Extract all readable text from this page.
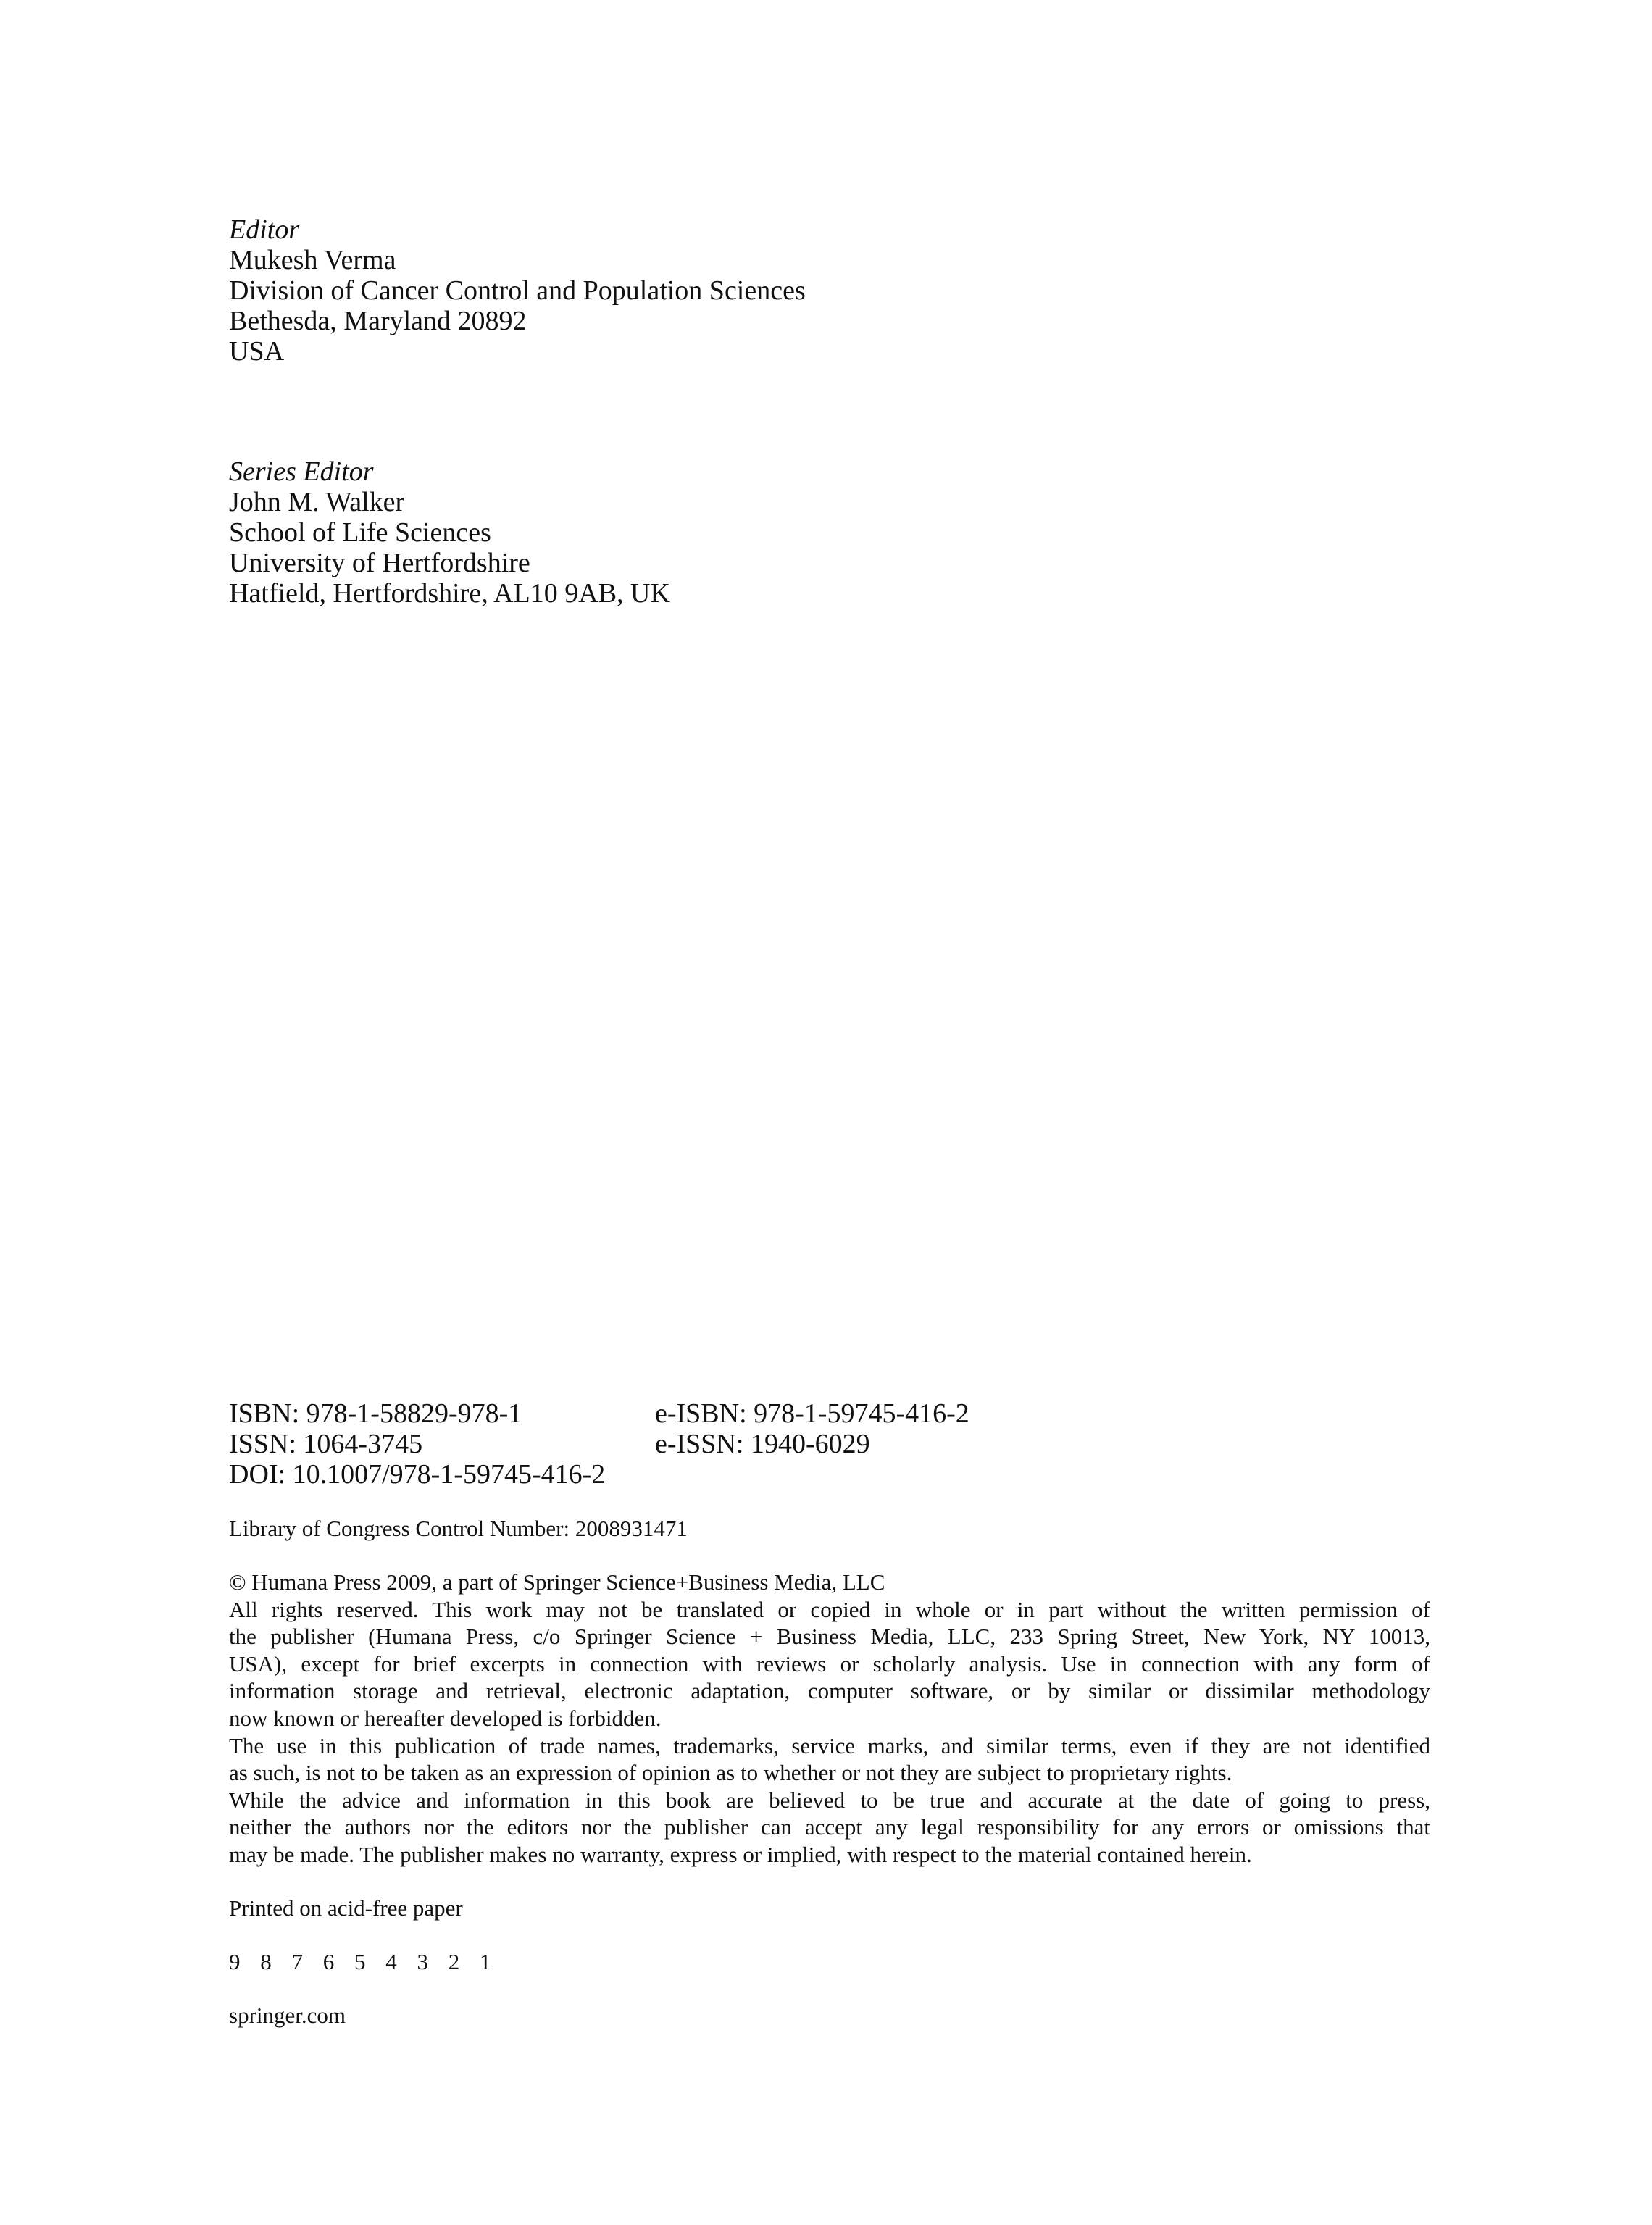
Editor
Mukesh Verma
Division of Cancer Control and Population Sciences
Bethesda, Maryland 20892
USA
Series Editor
John M. Walker
School of Life Sciences
University of Hertfordshire
Hatfield, Hertfordshire, AL10 9AB, UK
ISBN: 978-1-58829-978-1	e-ISBN: 978-1-59745-416-2
ISSN: 1064-3745	e-ISSN: 1940-6029
DOI: 10.1007/978-1-59745-416-2
Library of Congress Control Number: 2008931471
© Humana Press 2009, a part of Springer Science+Business Media, LLC
All rights reserved. This work may not be translated or copied in whole or in part without the written permission of
the publisher (Humana Press, c/o Springer Science + Business Media, LLC, 233 Spring Street, New York, NY 10013,
USA), except for brief excerpts in connection with reviews or scholarly analysis. Use in connection with any form of
information storage and retrieval, electronic adaptation, computer software, or by similar or dissimilar methodology
now known or hereafter developed is forbidden.
The use in this publication of trade names, trademarks, service marks, and similar terms, even if they are not identified
as such, is not to be taken as an expression of opinion as to whether or not they are subject to proprietary rights.
While the advice and information in this book are believed to be true and accurate at the date of going to press,
neither the authors nor the editors nor the publisher can accept any legal responsibility for any errors or omissions that
may be made. The publisher makes no warranty, express or implied, with respect to the material contained herein.
Printed on acid-free paper
9 8 7 6 5 4 3 2 1
springer.com
